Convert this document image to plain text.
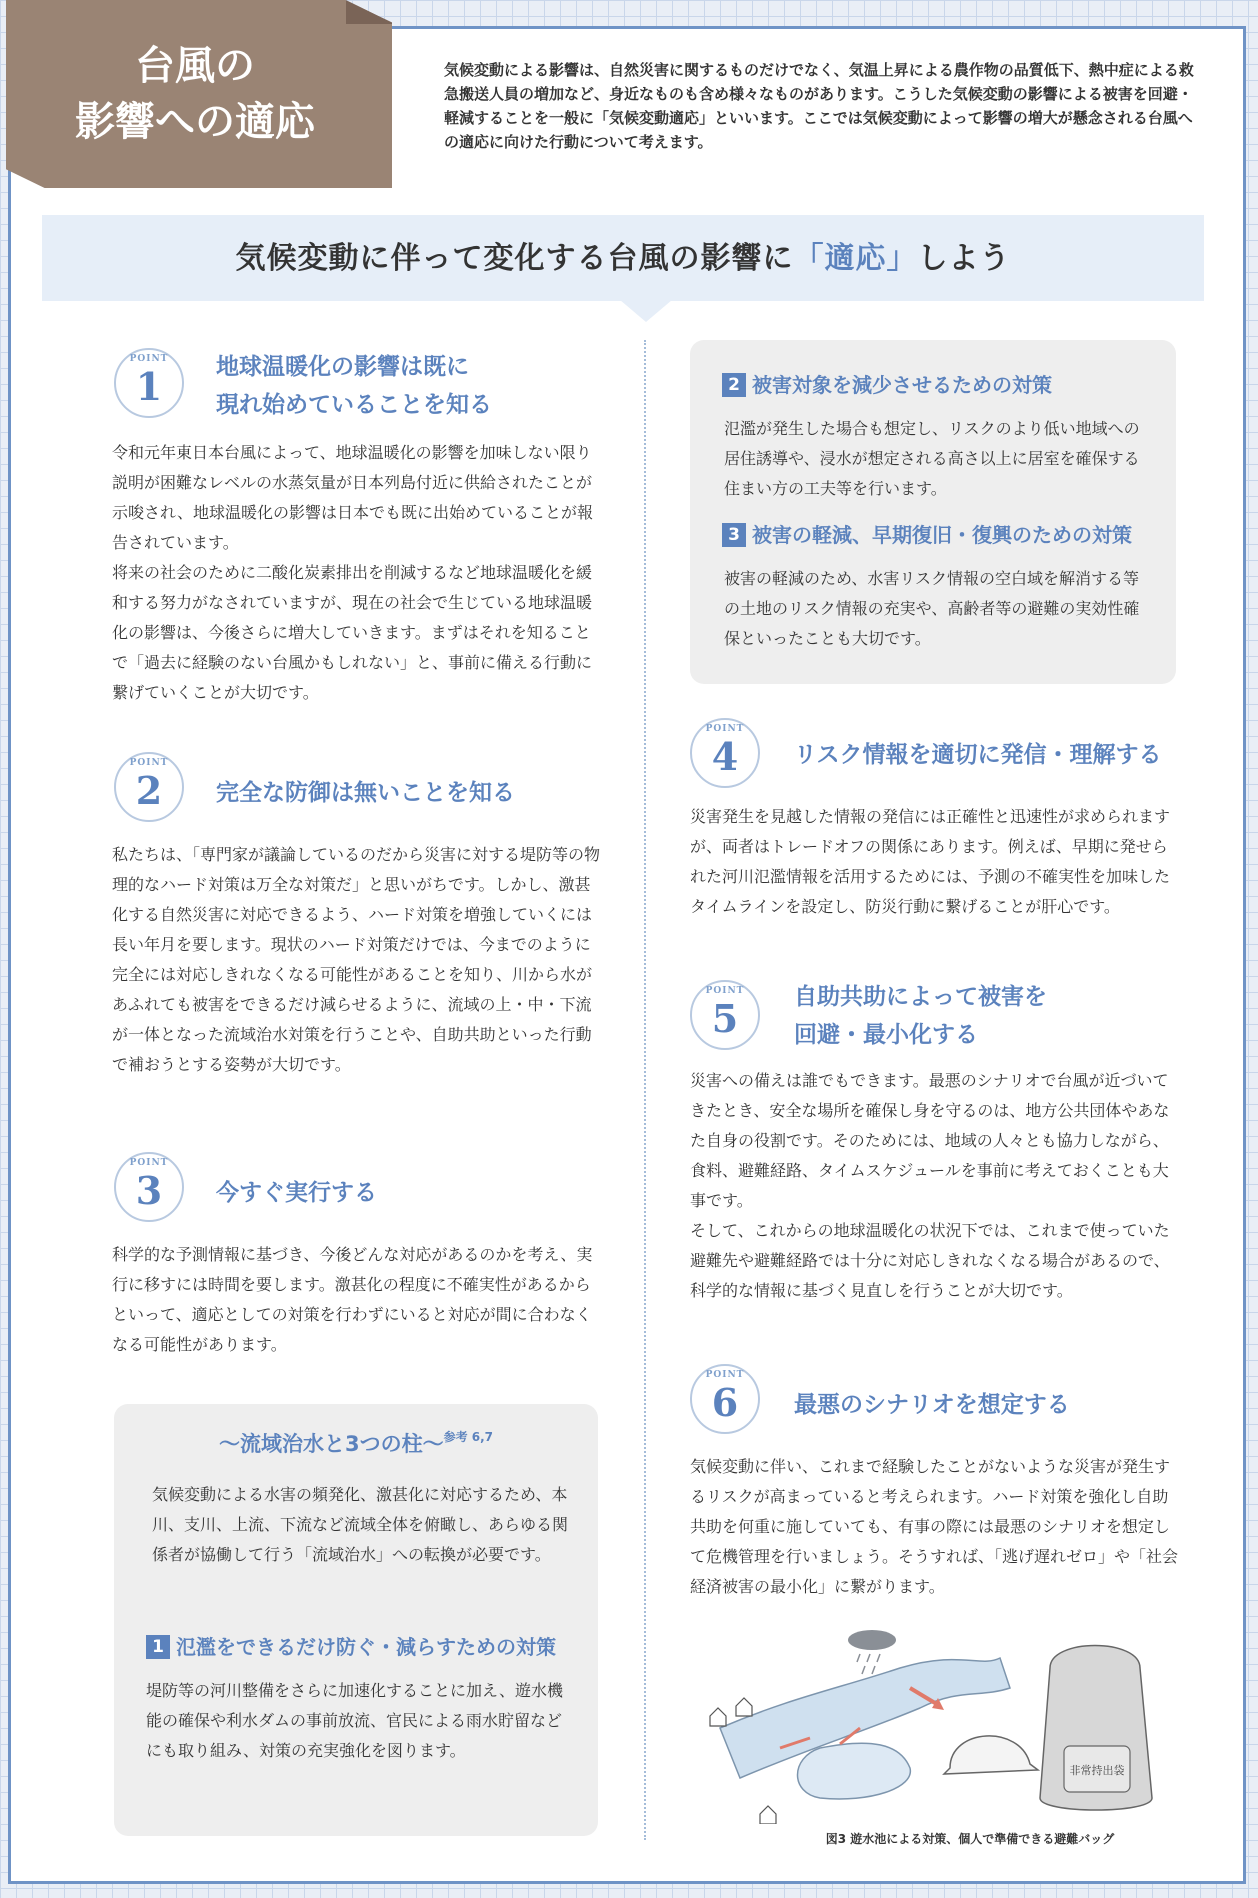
台風の
影響への適応
気候変動による影響は、自然災害に関するものだけでなく、気温上昇による農作物の品質低下、熱中症による救急搬送人員の増加など、身近なものも含め様々なものがあります。こうした気候変動の影響による被害を回避・軽減することを一般に「気候変動適応」といいます。ここでは気候変動によって影響の増大が懸念される台風への適応に向けた行動について考えます。
気候変動に伴って変化する台風の影響に「適応」しよう
POINT
1	地球温暖化の影響は既に
現れ始めていることを知る
令和元年東日本台風によって、地球温暖化の影響を加味しない限り説明が困難なレベルの水蒸気量が日本列島付近に供給されたことが示唆され、地球温暖化の影響は日本でも既に出始めていることが報告されています。
将来の社会のために二酸化炭素排出を削減するなど地球温暖化を緩和する努力がなされていますが、現在の社会で生じている地球温暖化の影響は、今後さらに増大していきます。まずはそれを知ることで「過去に経験のない台風かもしれない」と、事前に備える行動に繋げていくことが大切です。
POINT
2	完全な防御は無いことを知る
私たちは、「専門家が議論しているのだから災害に対する堤防等の物理的なハード対策は万全な対策だ」と思いがちです。しかし、激甚化する自然災害に対応できるよう、ハード対策を増強していくには長い年月を要します。現状のハード対策だけでは、今までのように完全には対応しきれなくなる可能性があることを知り、川から水があふれても被害をできるだけ減らせるように、流域の上・中・下流が一体となった流域治水対策を行うことや、自助共助といった行動で補おうとする姿勢が大切です。
POINT
3	今すぐ実行する
科学的な予測情報に基づき、今後どんな対応があるのかを考え、実行に移すには時間を要します。激甚化の程度に不確実性があるからといって、適応としての対策を行わずにいると対応が間に合わなくなる可能性があります。
～流域治水と3つの柱～$^{参考 6,7}$
気候変動による水害の頻発化、激甚化に対応するため、本川、支川、上流、下流など流域全体を俯瞰し、あらゆる関係者が協働して行う「流域治水」への転換が必要です。
1 氾濫をできるだけ防ぐ・減らすための対策
堤防等の河川整備をさらに加速化することに加え、遊水機能の確保や利水ダムの事前放流、官民による雨水貯留などにも取り組み、対策の充実強化を図ります。
2 被害対象を減少させるための対策
氾濫が発生した場合も想定し、リスクのより低い地域への居住誘導や、浸水が想定される高さ以上に居室を確保する住まい方の工夫等を行います。
3 被害の軽減、早期復旧・復興のための対策
被害の軽減のため、水害リスク情報の空白域を解消する等の土地のリスク情報の充実や、高齢者等の避難の実効性確保といったことも大切です。
POINT
4	リスク情報を適切に発信・理解する
災害発生を見越した情報の発信には正確性と迅速性が求められますが、両者はトレードオフの関係にあります。例えば、早期に発せられた河川氾濫情報を活用するためには、予測の不確実性を加味したタイムラインを設定し、防災行動に繋げることが肝心です。
POINT
5	自助共助によって被害を
回避・最小化する
災害への備えは誰でもできます。最悪のシナリオで台風が近づいてきたとき、安全な場所を確保し身を守るのは、地方公共団体やあなた自身の役割です。そのためには、地域の人々とも協力しながら、食料、避難経路、タイムスケジュールを事前に考えておくことも大事です。
そして、これからの地球温暖化の状況下では、これまで使っていた避難先や避難経路では十分に対応しきれなくなる場合があるので、科学的な情報に基づく見直しを行うことが大切です。
POINT
6	最悪のシナリオを想定する
気候変動に伴い、これまで経験したことがないような災害が発生するリスクが高まっていると考えられます。ハード対策を強化し自助共助を何重に施していても、有事の際には最悪のシナリオを想定して危機管理を行いましょう。そうすれば、「逃げ遅れゼロ」や「社会経済被害の最小化」に繋がります。
非常持出袋
図3 遊水池による対策、個人で準備できる避難バッグ
